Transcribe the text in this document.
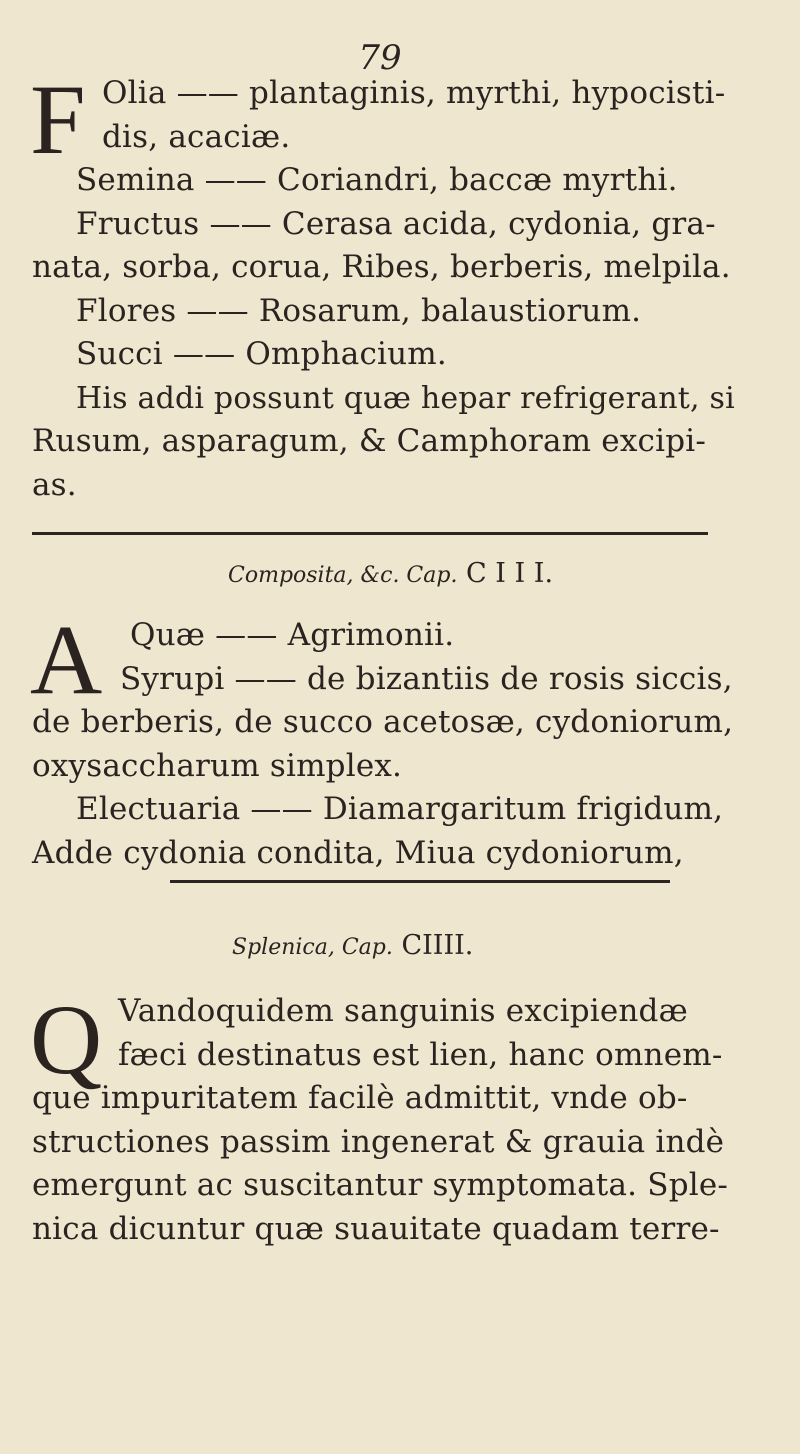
79
F Olia —— plantaginis, myrthi, hypocisti-
dis, acaciæ.
Semina —— Coriandri, baccæ myrthi.
Fructus —— Cerasa acida, cydonia, gra-
nata, sorba, corua, Ribes, berberis, melpila.
Flores —— Rosarum, balaustiorum.
Succi —— Omphacium.
His addi possunt quæ hepar refrigerant, si
Rusum, asparagum, & Camphoram excipi-
as.
Composita, &c. Cap. C I I I.
A Quæ —— Agrimonii.
Syrupi —— de bizantiis de rosis siccis,
de berberis, de succo acetosæ, cydoniorum,
oxysaccharum simplex.
Electuaria —— Diamargaritum frigidum,
Adde cydonia condita, Miua cydoniorum,
Splenica, Cap. CIIII.
Q Vandoquidem sanguinis excipiendæ
fæci destinatus est lien, hanc omnem-
que impuritatem facilè admittit, vnde ob-
structiones passim ingenerat & grauia indè
emergunt ac suscitantur symptomata. Sple-
nica dicuntur quæ suauitate quadam terre-
